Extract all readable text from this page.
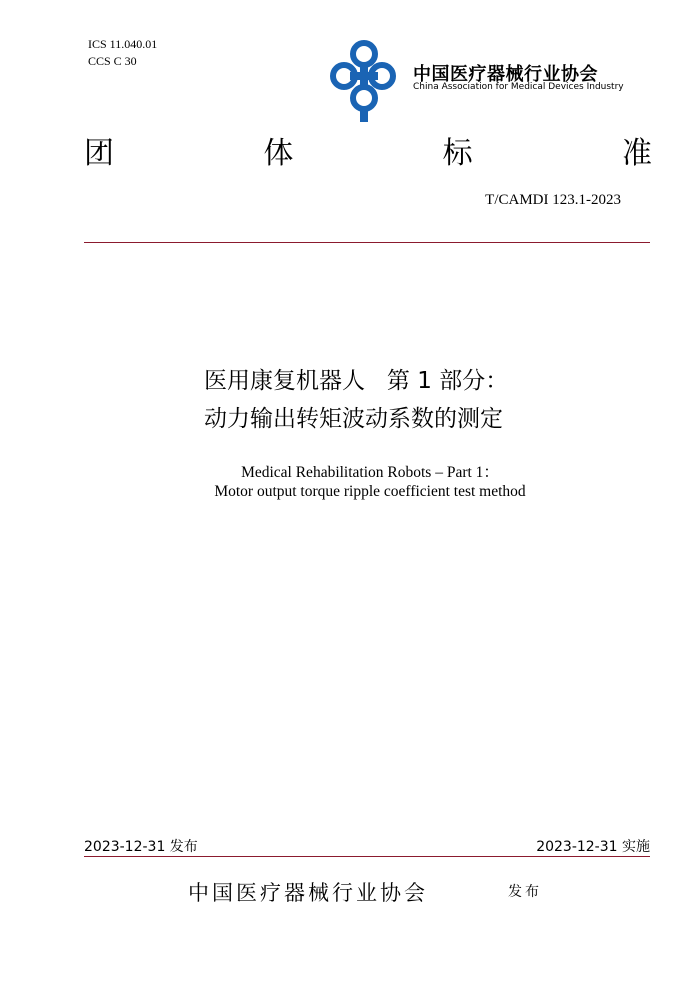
ICS 11.040.01
CCS C 30
中国医疗器械行业协会
China Association for Medical Devices Industry
团	体	标	准
T/CAMDI 123.1-2023
医用康复机器人   第 1 部分：
动力输出转矩波动系数的测定
Medical Rehabilitation Robots – Part 1：
Motor output torque ripple coefficient test method
2023-12-31 发布	2023-12-31 实施
中国医疗器械行业协会	发布
